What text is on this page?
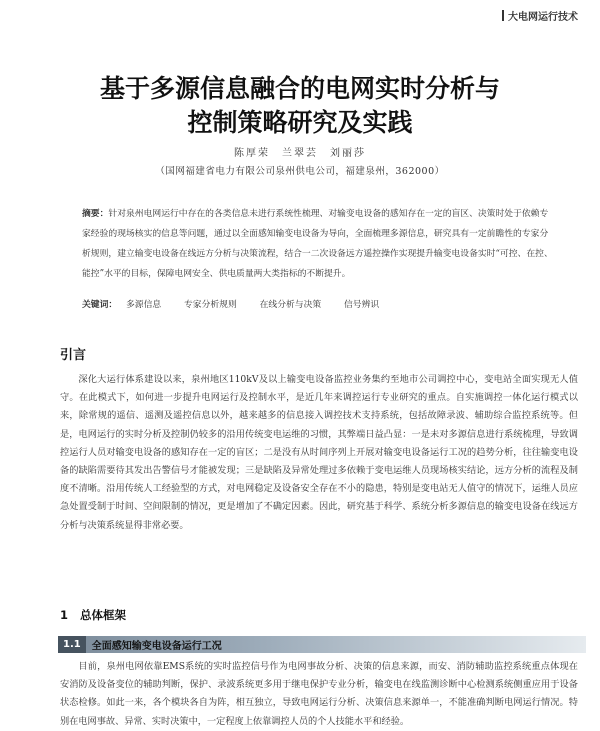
大电网运行技术
基于多源信息融合的电网实时分析与
控制策略研究及实践
陈厚荣　兰翠芸　刘丽莎
（国网福建省电力有限公司泉州供电公司，福建泉州，362000）
摘要：针对泉州电网运行中存在的各类信息未进行系统性梳理、对输变电设备的感知存在一定的盲区、决策时处于依赖专家经验的现场核实的信息等问题，通过以全面感知输变电设备为导向，全面梳理多源信息，研究具有一定前瞻性的专家分析规则，建立输变电设备在线远方分析与决策流程，结合一二次设备远方遥控操作实现提升输变电设备实时“可控、在控、能控”水平的目标，保障电网安全、供电质量两大类指标的不断提升。
关键词： 多源信息	专家分析规则	在线分析与决策	信号辨识
引言

深化大运行体系建设以来，泉州地区110kV及以上输变电设备监控业务集约至地市公司调控中心，变电站全面实现无人值守。在此模式下，如何进一步提升电网运行及控制水平，是近几年来调控运行专业研究的重点。自实施调控一体化运行模式以来，除常规的遥信、遥测及遥控信息以外，越来越多的信息接入调控技术支持系统，包括故障录波、辅助综合监控系统等。但是，电网运行的实时分析及控制仍较多的沿用传统变电运维的习惯，其弊端日益凸显：一是未对多源信息进行系统梳理，导致调控运行人员对输变电设备的感知存在一定的盲区；二是没有从时间序列上开展对输变电设备运行工况的趋势分析，往往输变电设备的缺陷需要待其发出告警信号才能被发现；三是缺陷及异常处理过多依赖于变电运维人员现场核实结论，远方分析的流程及制度不清晰。沿用传统人工经验型的方式，对电网稳定及设备安全存在不小的隐患，特别是变电站无人值守的情况下，运维人员应急处置受制于时间、空间限制的情况，更是增加了不确定因素。因此，研究基于科学、系统分析多源信息的输变电设备在线远方分析与决策系统显得非常必要。

1 总体框架
1.1	全面感知输变电设备运行工况

目前，泉州电网依靠EMS系统的实时监控信号作为电网事故分析、决策的信息来源，而安、消防辅助监控系统重点体现在安消防及设备变位的辅助判断，保护、录波系统更多用于继电保护专业分析，输变电在线监测诊断中心检测系统侧重应用于设备状态检修。如此一来，各个模块各自为阵，相互独立，导致电网运行分析、决策信息来源单一，不能准确判断电网运行情况。特别在电网事故、异常、实时决策中，一定程度上依靠调控人员的个人技能水平和经验。
